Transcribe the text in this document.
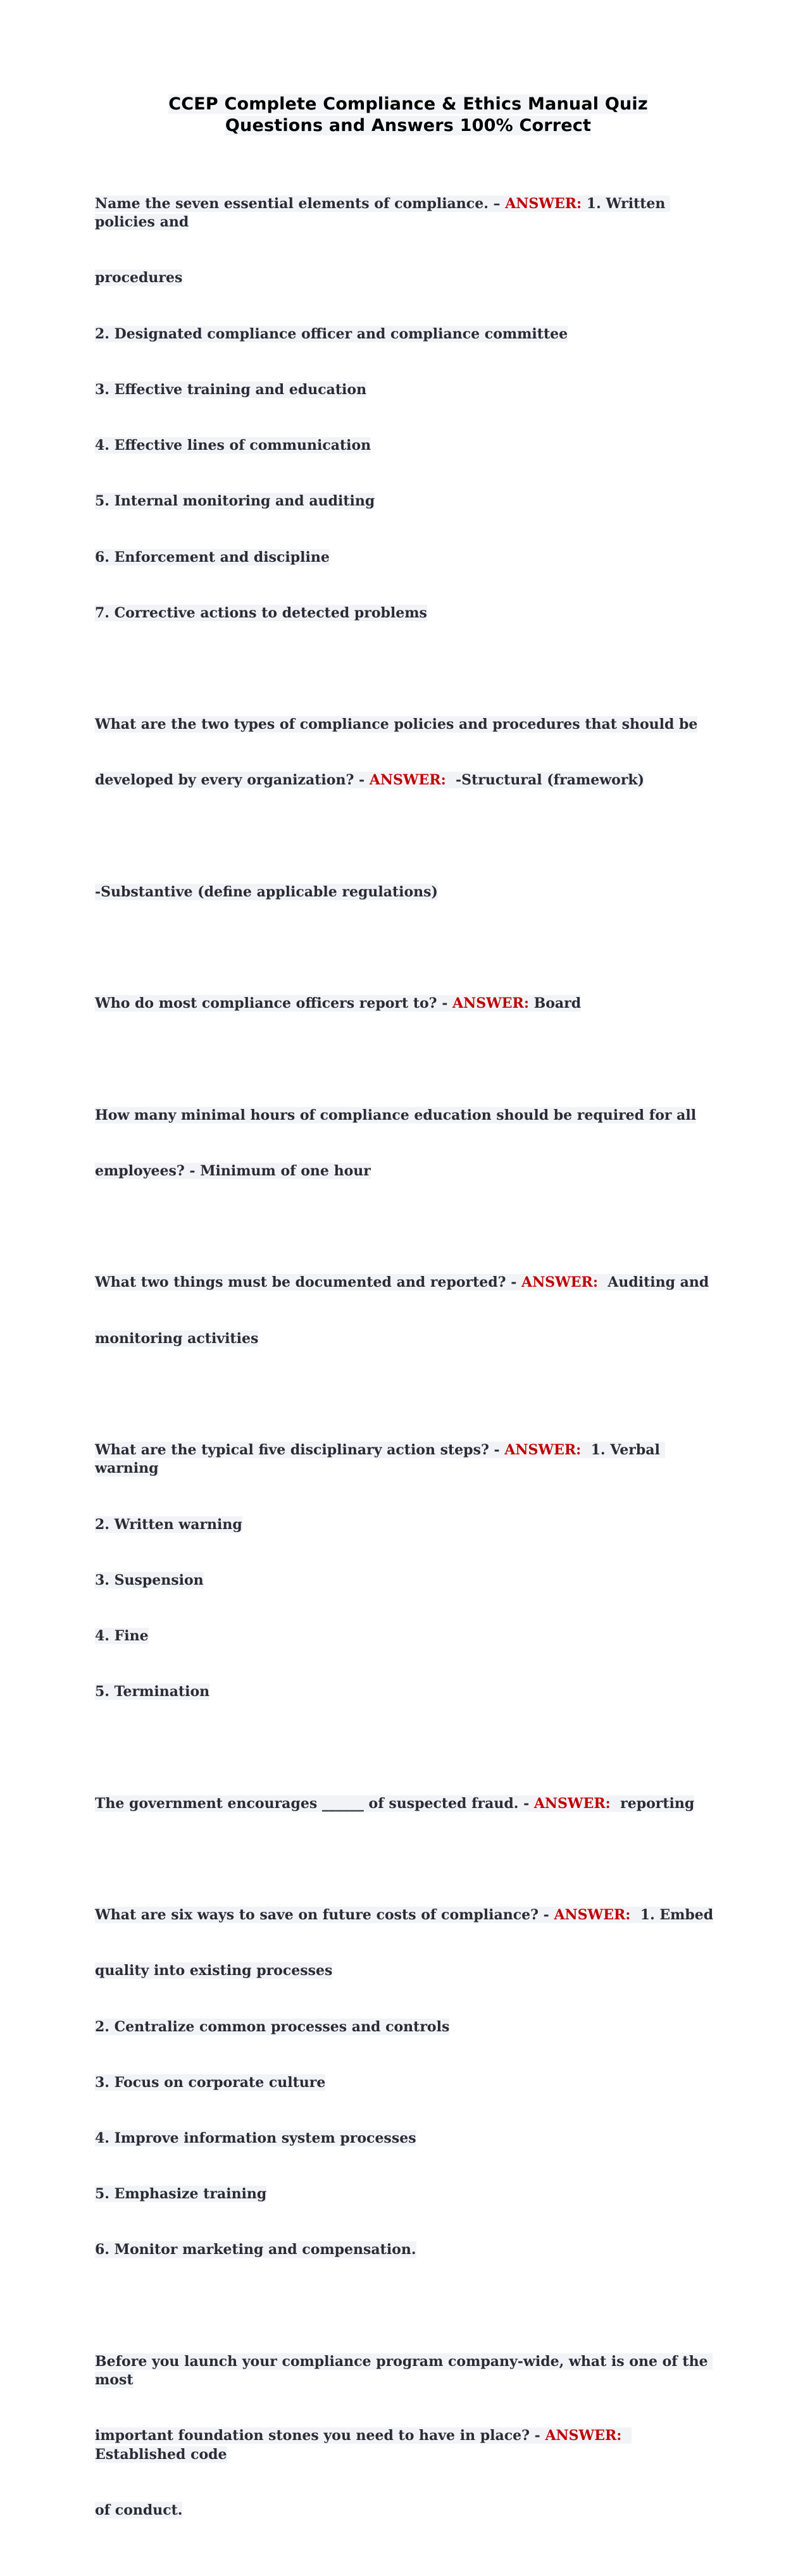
CCEP Complete Compliance & Ethics Manual Quiz
Questions and Answers 100% Correct

Name the seven essential elements of compliance. – ANSWER: 1. Written policies and

procedures

2. Designated compliance officer and compliance committee

3. Effective training and education

4. Effective lines of communication

5. Internal monitoring and auditing

6. Enforcement and discipline

7. Corrective actions to detected problems

What are the two types of compliance policies and procedures that should be

developed by every organization? - ANSWER:  -Structural (framework)

-Substantive (define applicable regulations)

Who do most compliance officers report to? - ANSWER: Board

How many minimal hours of compliance education should be required for all

employees? - Minimum of one hour

What two things must be documented and reported? - ANSWER:  Auditing and

monitoring activities

What are the typical five disciplinary action steps? - ANSWER:  1. Verbal warning

2. Written warning

3. Suspension

4. Fine

5. Termination

The government encourages ______ of suspected fraud. - ANSWER:  reporting

What are six ways to save on future costs of compliance? - ANSWER:  1. Embed

quality into existing processes

2. Centralize common processes and controls

3. Focus on corporate culture

4. Improve information system processes

5. Emphasize training

6. Monitor marketing and compensation.

Before you launch your compliance program company-wide, what is one of the most

important foundation stones you need to have in place? - ANSWER:  Established code

of conduct.
